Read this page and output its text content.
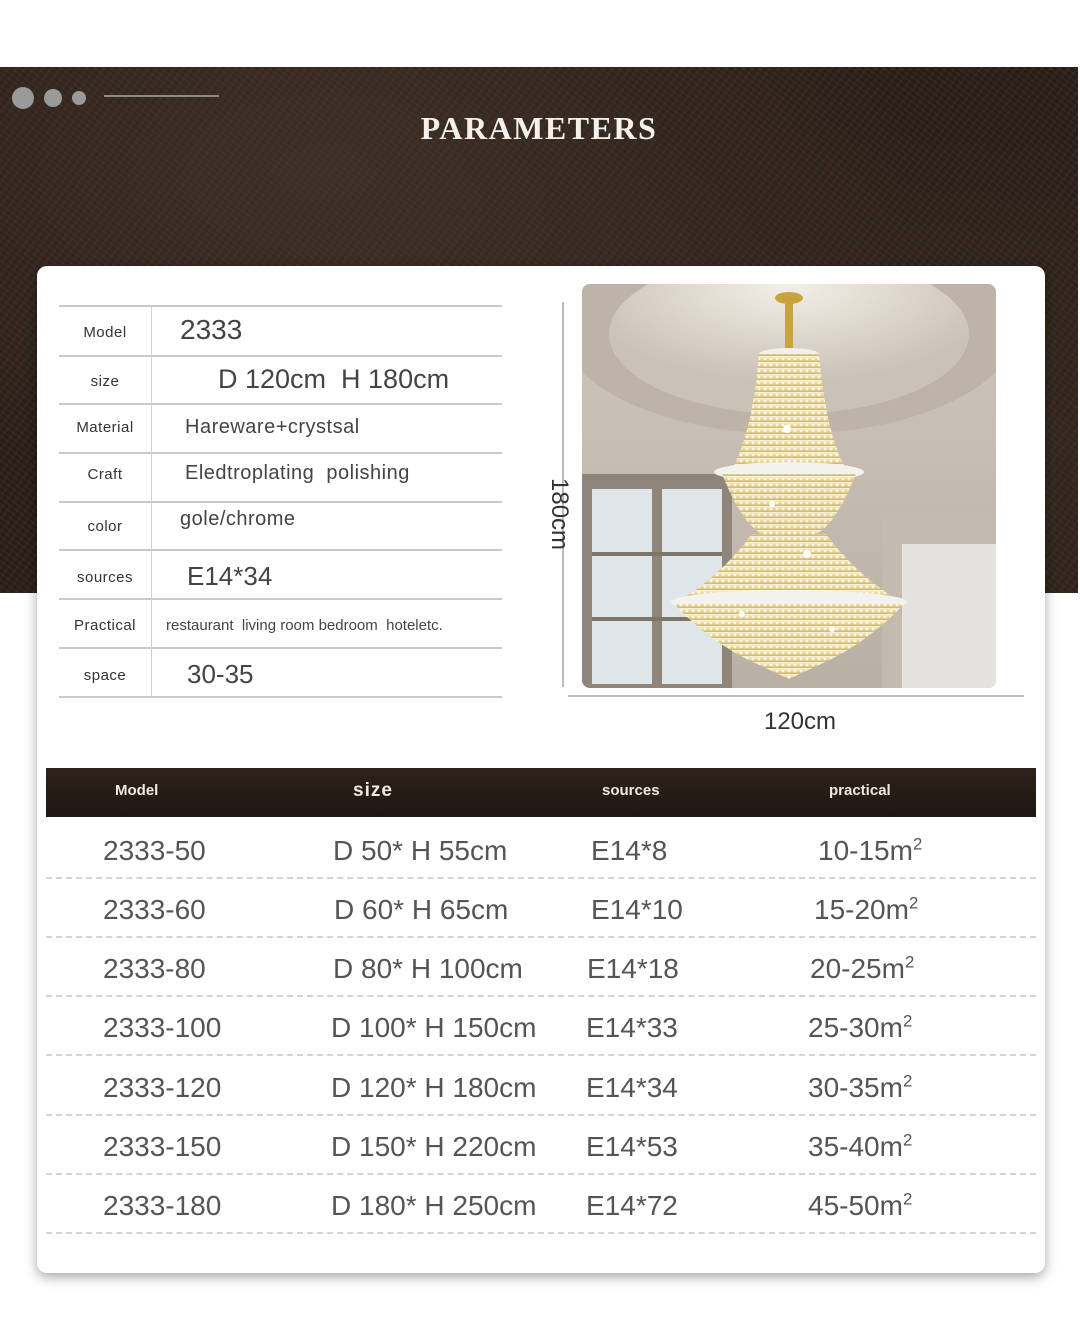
PARAMETERS
Model	2333
size	D 120cm  H 180cm
Material	Hareware+crystsal
Craft	Eledtroplating  polishing
color	gole/chrome
sources	E14*34
Practical	restaurant  living room bedroom  hoteletc.
space	30-35
180cm
120cm
Model	size	sources	practical
2333-50	D 50* H 55cm	E14*8	$10-15m^2$
2333-60	D 60* H 65cm	E14*10	$15-20m^2$
2333-80	D 80* H 100cm E14*18	$20-25m^2$
2333-100	D 100* H 150cm E14*33	$25-30m^2$
2333-120	D 120* H 180cm E14*34	$30-35m^2$
2333-150	D 150* H 220cm E14*53	$35-40m^2$
2333-180	D 180* H 250cm E14*72	$45-50m^2$
